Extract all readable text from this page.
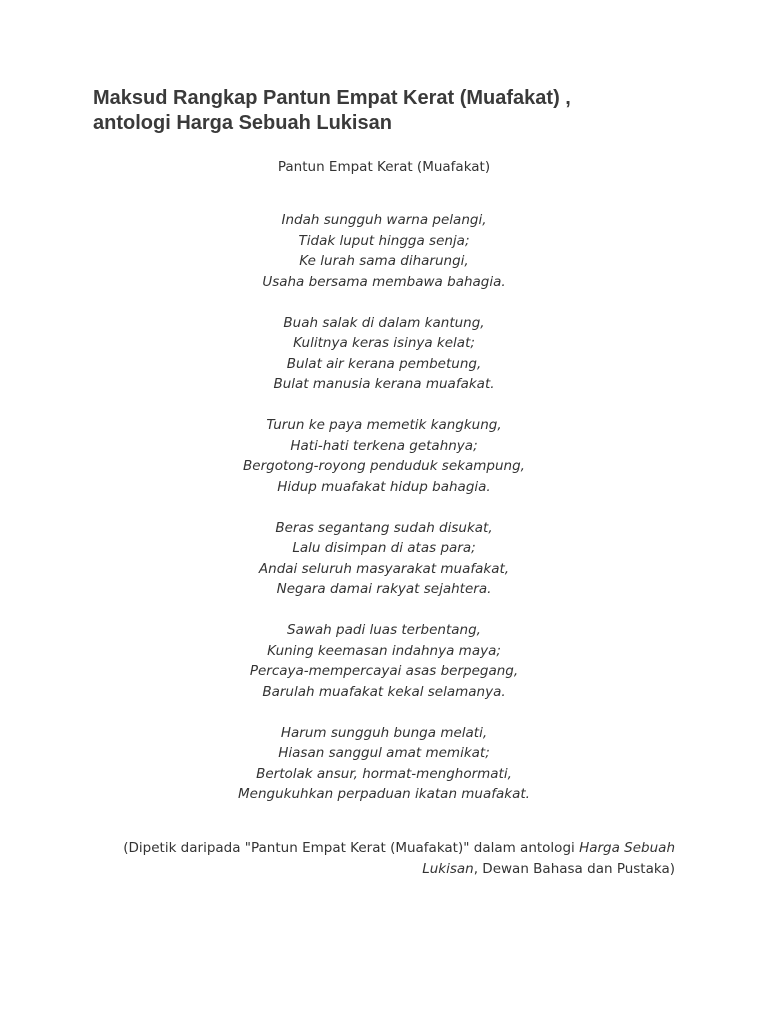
Maksud Rangkap Pantun Empat Kerat (Muafakat) ,
antologi Harga Sebuah Lukisan
Pantun Empat Kerat (Muafakat)
Indah sungguh warna pelangi,
Tidak luput hingga senja;
Ke lurah sama diharungi,
Usaha bersama membawa bahagia.
Buah salak di dalam kantung,
Kulitnya keras isinya kelat;
Bulat air kerana pembetung,
Bulat manusia kerana muafakat.
Turun ke paya memetik kangkung,
Hati-hati terkena getahnya;
Bergotong-royong penduduk sekampung,
Hidup muafakat hidup bahagia.
Beras segantang sudah disukat,
Lalu disimpan di atas para;
Andai seluruh masyarakat muafakat,
Negara damai rakyat sejahtera.
Sawah padi luas terbentang,
Kuning keemasan indahnya maya;
Percaya-mempercayai asas berpegang,
Barulah muafakat kekal selamanya.
Harum sungguh bunga melati,
Hiasan sanggul amat memikat;
Bertolak ansur, hormat-menghormati,
Mengukuhkan perpaduan ikatan muafakat.
(Dipetik daripada "Pantun Empat Kerat (Muafakat)" dalam antologi Harga Sebuah
Lukisan, Dewan Bahasa dan Pustaka)
